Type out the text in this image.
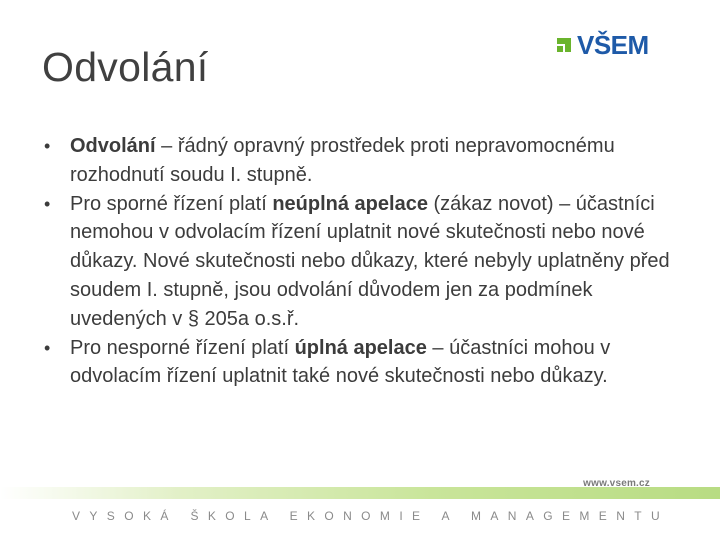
Odvolání	VŠEM

• Odvolání – řádný opravný prostředek proti nepravomocnému rozhodnutí soudu I. stupně.

• Pro sporné řízení platí neúplná apelace (zákaz novot) – účastníci nemohou v odvolacím řízení uplatnit nové skutečnosti nebo nové důkazy. Nové skutečnosti nebo důkazy, které nebyly uplatněny před soudem I. stupně, jsou odvolání důvodem jen za podmínek uvedených v § 205a o.s.ř.

• Pro nesporné řízení platí úplná apelace – účastníci mohou v odvolacím řízení uplatnit také nové skutečnosti nebo důkazy.

www.vsem.cz
VYSOKÁ ŠKOLA EKONOMIE A MANAGEMENTU
